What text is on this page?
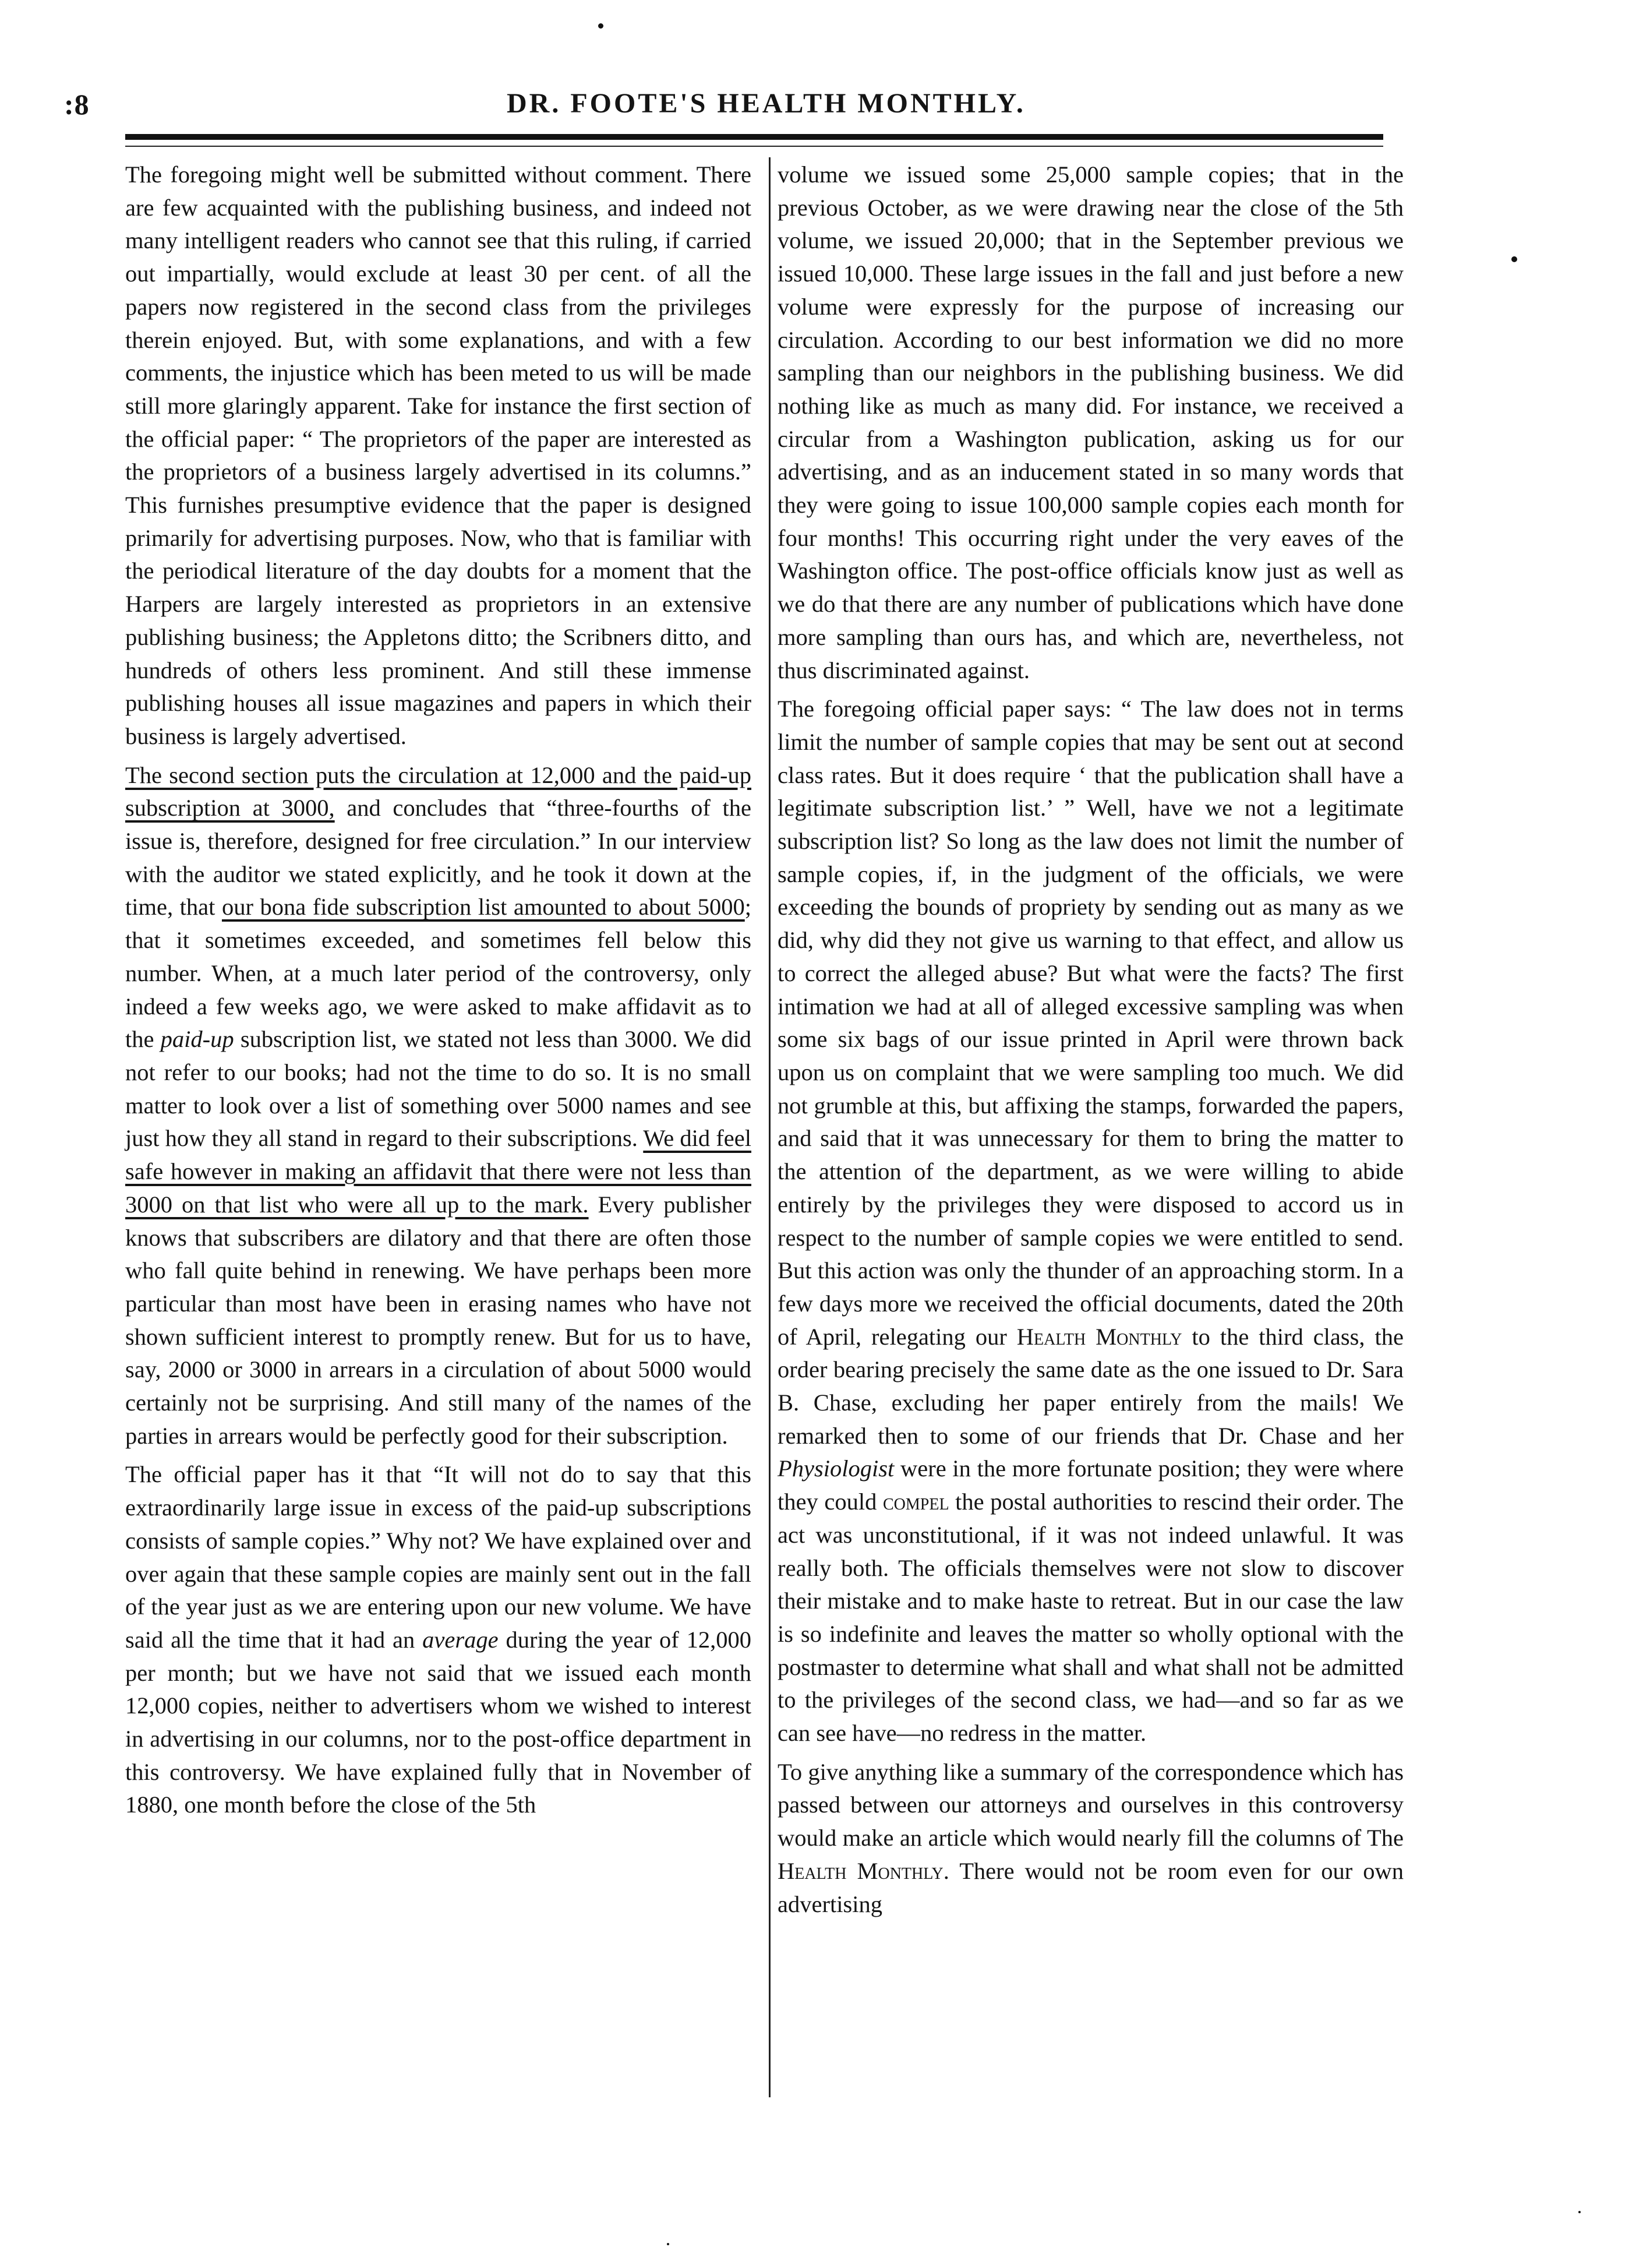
:8	DR. FOOTE'S HEALTH MONTHLY.

The foregoing might well be submitted without comment. There are few acquainted with the publishing business, and indeed not many intelligent readers who cannot see that this ruling, if carried out impartially, would exclude at least 30 per cent. of all the papers now registered in the second class from the privileges therein enjoyed. But, with some explanations, and with a few comments, the injustice which has been meted to us will be made still more glaringly apparent. Take for instance the first section of the official paper: “ The proprietors of the paper are interested as the proprietors of a business largely advertised in its columns.” This furnishes presumptive evidence that the paper is designed primarily for advertising purposes. Now, who that is familiar with the periodical literature of the day doubts for a moment that the Harpers are largely interested as proprietors in an extensive publishing business; the Appletons ditto; the Scribners ditto, and hundreds of others less prominent. And still these immense publishing houses all issue magazines and papers in which their business is largely advertised.

The second section puts the circulation at 12,000 and the paid-up subscription at 3000, and concludes that “three-fourths of the issue is, therefore, designed for free circulation.” In our interview with the auditor we stated explicitly, and he took it down at the time, that our bona fide subscription list amounted to about 5000; that it sometimes exceeded, and sometimes fell below this number. When, at a much later period of the controversy, only indeed a few weeks ago, we were asked to make affidavit as to the paid-up subscription list, we stated not less than 3000. We did not refer to our books; had not the time to do so. It is no small matter to look over a list of something over 5000 names and see just how they all stand in regard to their subscriptions. We did feel safe however in making an affidavit that there were not less than 3000 on that list who were all up to the mark. Every publisher knows that subscribers are dilatory and that there are often those who fall quite behind in renewing. We have perhaps been more particular than most have been in erasing names who have not shown sufficient interest to promptly renew. But for us to have, say, 2000 or 3000 in arrears in a circulation of about 5000 would certainly not be surprising. And still many of the names of the parties in arrears would be perfectly good for their subscription.

The official paper has it that “It will not do to say that this extraordinarily large issue in excess of the paid-up subscriptions consists of sample copies.” Why not? We have explained over and over again that these sample copies are mainly sent out in the fall of the year just as we are entering upon our new volume. We have said all the time that it had an average during the year of 12,000 per month; but we have not said that we issued each month 12,000 copies, neither to advertisers whom we wished to interest in advertising in our columns, nor to the post-office department in this controversy. We have explained fully that in November of 1880, one month before the close of the 5th

volume we issued some 25,000 sample copies; that in the previous October, as we were drawing near the close of the 5th volume, we issued 20,000; that in the September previous we issued 10,000. These large issues in the fall and just before a new volume were expressly for the purpose of increasing our circulation. According to our best information we did no more sampling than our neighbors in the publishing business. We did nothing like as much as many did. For instance, we received a circular from a Washington publication, asking us for our advertising, and as an inducement stated in so many words that they were going to issue 100,000 sample copies each month for four months! This occurring right under the very eaves of the Washington office. The post-office officials know just as well as we do that there are any number of publications which have done more sampling than ours has, and which are, nevertheless, not thus discriminated against.

The foregoing official paper says: “ The law does not in terms limit the number of sample copies that may be sent out at second class rates. But it does require ‘ that the publication shall have a legitimate subscription list.’ ” Well, have we not a legitimate subscription list? So long as the law does not limit the number of sample copies, if, in the judgment of the officials, we were exceeding the bounds of propriety by sending out as many as we did, why did they not give us warning to that effect, and allow us to correct the alleged abuse? But what were the facts? The first intimation we had at all of alleged excessive sampling was when some six bags of our issue printed in April were thrown back upon us on complaint that we were sampling too much. We did not grumble at this, but affixing the stamps, forwarded the papers, and said that it was unnecessary for them to bring the matter to the attention of the department, as we were willing to abide entirely by the privileges they were disposed to accord us in respect to the number of sample copies we were entitled to send. But this action was only the thunder of an approaching storm. In a few days more we received the official documents, dated the 20th of April, relegating our Health Monthly to the third class, the order bearing precisely the same date as the one issued to Dr. Sara B. Chase, excluding her paper entirely from the mails! We remarked then to some of our friends that Dr. Chase and her Physiologist were in the more fortunate position; they were where they could compel the postal authorities to rescind their order. The act was unconstitutional, if it was not indeed unlawful. It was really both. The officials themselves were not slow to discover their mistake and to make haste to retreat. But in our case the law is so indefinite and leaves the matter so wholly optional with the postmaster to determine what shall and what shall not be admitted to the privileges of the second class, we had—and so far as we can see have—no redress in the matter.

To give anything like a summary of the correspondence which has passed between our attorneys and ourselves in this controversy would make an article which would nearly fill the columns of The Health Monthly. There would not be room even for our own advertising
